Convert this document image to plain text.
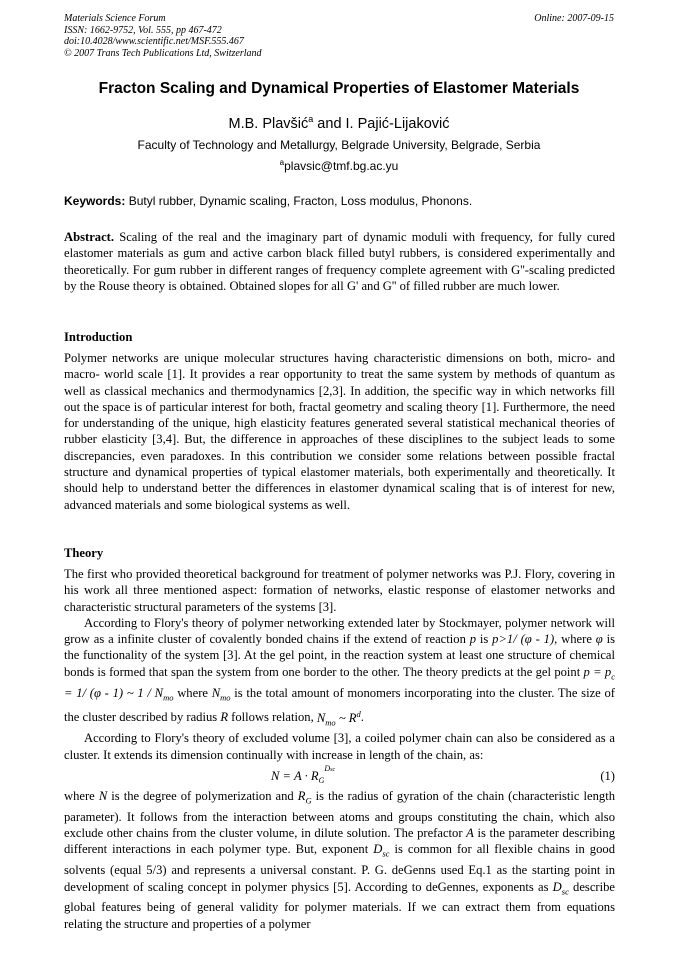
Materials Science Forum
ISSN: 1662-9752, Vol. 555, pp 467-472
doi:10.4028/www.scientific.net/MSF.555.467
© 2007 Trans Tech Publications Ltd, Switzerland
Online: 2007-09-15
Fracton Scaling and Dynamical Properties of Elastomer Materials
M.B. Plavšić$^a$ and I. Pajić-Lijaković
Faculty of Technology and Metallurgy, Belgrade University, Belgrade, Serbia
$^a$plavsic@tmf.bg.ac.yu
Keywords: Butyl rubber, Dynamic scaling, Fracton, Loss modulus, Phonons.

Abstract. Scaling of the real and the imaginary part of dynamic moduli with frequency, for fully cured elastomer materials as gum and active carbon black filled butyl rubbers, is considered experimentally and theoretically. For gum rubber in different ranges of frequency complete agreement with G''-scaling predicted by the Rouse theory is obtained. Obtained slopes for all G' and G'' of filled rubber are much lower.

Introduction

Polymer networks are unique molecular structures having characteristic dimensions on both, micro- and macro- world scale [1]. It provides a rear opportunity to treat the same system by methods of quantum as well as classical mechanics and thermodynamics [2,3]. In addition, the specific way in which networks fill out the space is of particular interest for both, fractal geometry and scaling theory [1]. Furthermore, the need for understanding of the unique, high elasticity features generated several statistical mechanical theories of rubber elasticity [3,4]. But, the difference in approaches of these disciplines to the subject leads to some discrepancies, even paradoxes. In this contribution we consider some relations between possible fractal structure and dynamical properties of typical elastomer materials, both experimentally and theoretically. It should help to understand better the differences in elastomer dynamical scaling that is of interest for new, advanced materials and some biological systems as well.

Theory

The first who provided theoretical background for treatment of polymer networks was P.J. Flory, covering in his work all three mentioned aspect: formation of networks, elastic response of elastomer networks and characteristic structural parameters of the systems [3].

According to Flory's theory of polymer networking extended later by Stockmayer, polymer network will grow as a infinite cluster of covalently bonded chains if the extend of reaction p is p>1/ (φ - 1), where φ is the functionality of the system [3]. At the gel point, in the reaction system at least one structure of chemical bonds is formed that span the system from one border to the other. The theory predicts at the gel point $p = p_c = 1/$ (φ - 1) ~ $1 / N_{mo}$ where $N_{mo}$ is the total amount of monomers incorporating into the cluster. The size of the cluster described by radius R follows relation, $N_{mo}$ ~ $R^d$.

According to Flory's theory of excluded volume [3], a coiled polymer chain can also be considered as a cluster. It extends its dimension continually with increase in length of the chain, as:

$N = A \cdot R_G^{Dsc}$	(1)

where N is the degree of polymerization and $R_G$ is the radius of gyration of the chain (characteristic length parameter). It follows from the interaction between atoms and groups constituting the chain, which also exclude other chains from the cluster volume, in dilute solution. The prefactor A is the parameter describing different interactions in each polymer type. But, exponent $D_{sc}$ is common for all flexible chains in good solvents (equal 5/3) and represents a universal constant. P. G. deGenns used Eq.1 as the starting point in development of scaling concept in polymer physics [5]. According to deGennes, exponents as $D_{sc}$ describe global features being of general validity for polymer materials. If we can extract them from equations relating the structure and properties of a polymer
